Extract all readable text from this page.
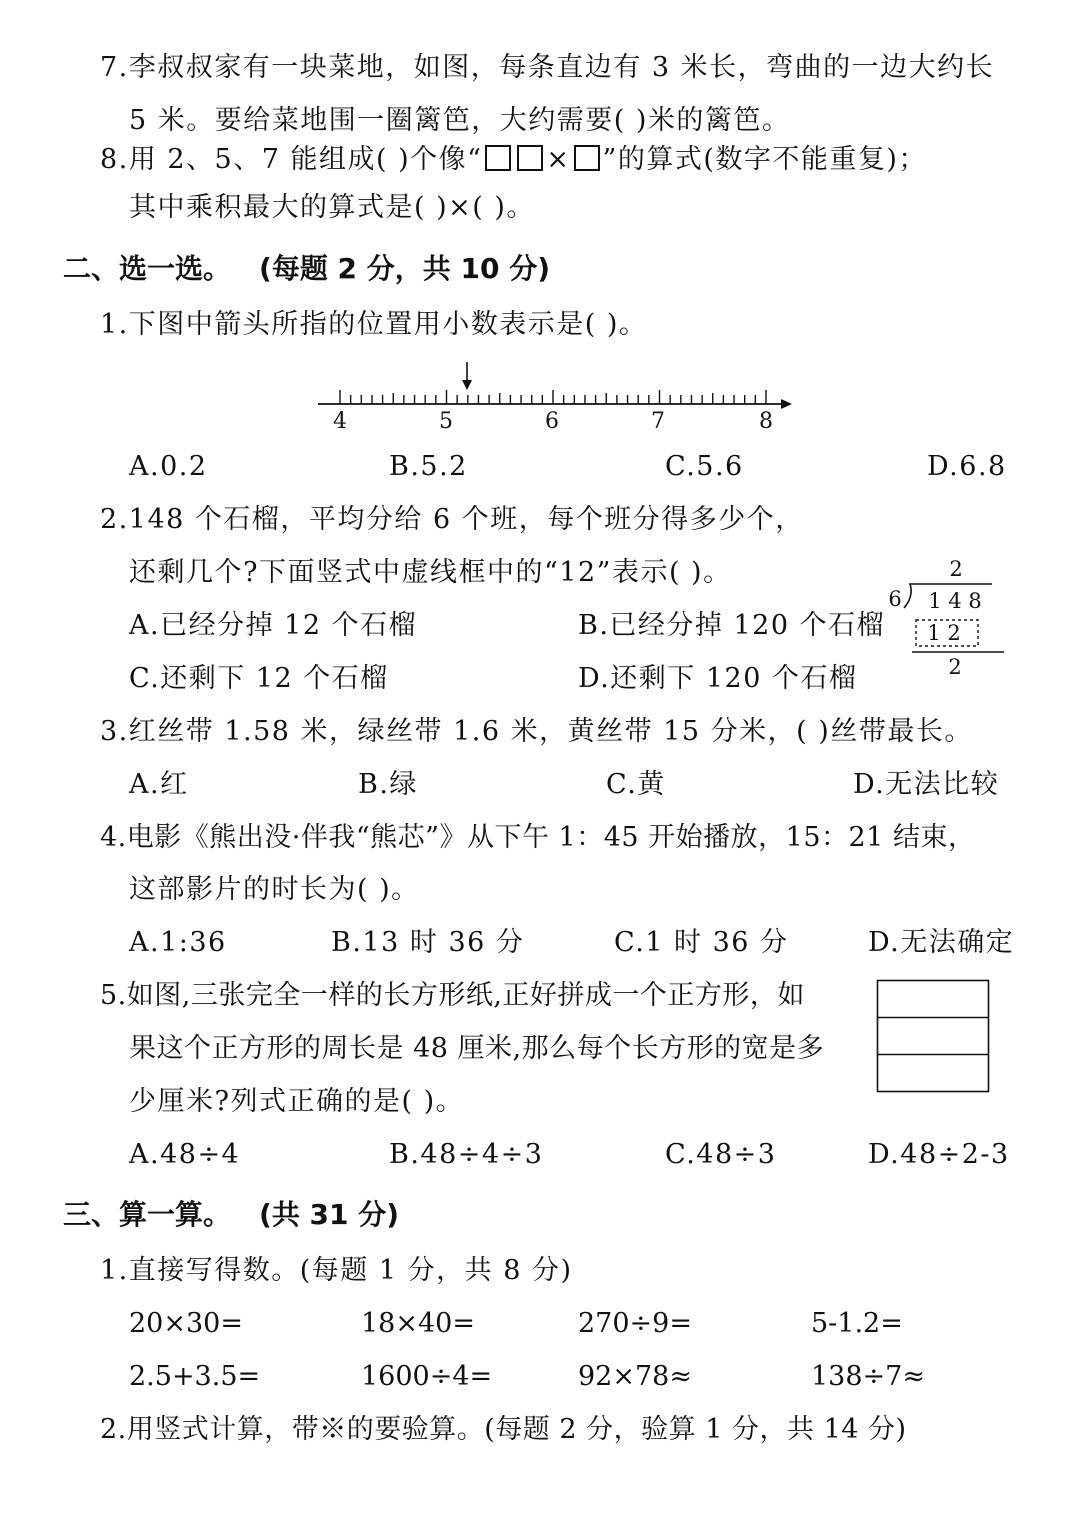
7.李叔叔家有一块菜地，如图，每条直边有 3 米长，弯曲的一边大约长
5 米。要给菜地围一圈篱笆，大约需要( )米的篱笆。
8.用 2、5、7 能组成( )个像“ × ”的算式(数字不能重复)；
其中乘积最大的算式是( )×( )。
二、选一选。 (每题 2 分，共 10 分)
1.下图中箭头所指的位置用小数表示是( )。
4	5	6	7	8
A.0.2	B.5.2	C.5.6	D.6.8
2.148 个石榴，平均分给 6 个班，每个班分得多少个，
还剩几个?下面竖式中虚线框中的“12”表示( )。
A.已经分掉 12 个石榴	B.已经分掉 120 个石榴
C.还剩下 12 个石榴	D.还剩下 120 个石榴
2
6 1 4 8
1 2
2
3.红丝带 1.58 米，绿丝带 1.6 米，黄丝带 15 分米，( )丝带最长。
A.红	B.绿	C.黄	D.无法比较
4.电影《熊出没·伴我“熊芯”》从下午 1：45 开始播放，15：21 结束，
这部影片的时长为( )。
A.1:36	B.13 时 36 分	C.1 时 36 分	D.无法确定
5.如图,三张完全一样的长方形纸,正好拼成一个正方形，如
果这个正方形的周长是 48 厘米,那么每个长方形的宽是多
少厘米?列式正确的是( )。
A.48÷4	B.48÷4÷3	C.48÷3	D.48÷2-3
三、算一算。 (共 31 分)
1.直接写得数。(每题 1 分，共 8 分)
20×30=	18×40=	270÷9=	5-1.2=
2.5+3.5=	1600÷4=	92×78≈	138÷7≈
2.用竖式计算，带※的要验算。(每题 2 分，验算 1 分，共 14 分)
